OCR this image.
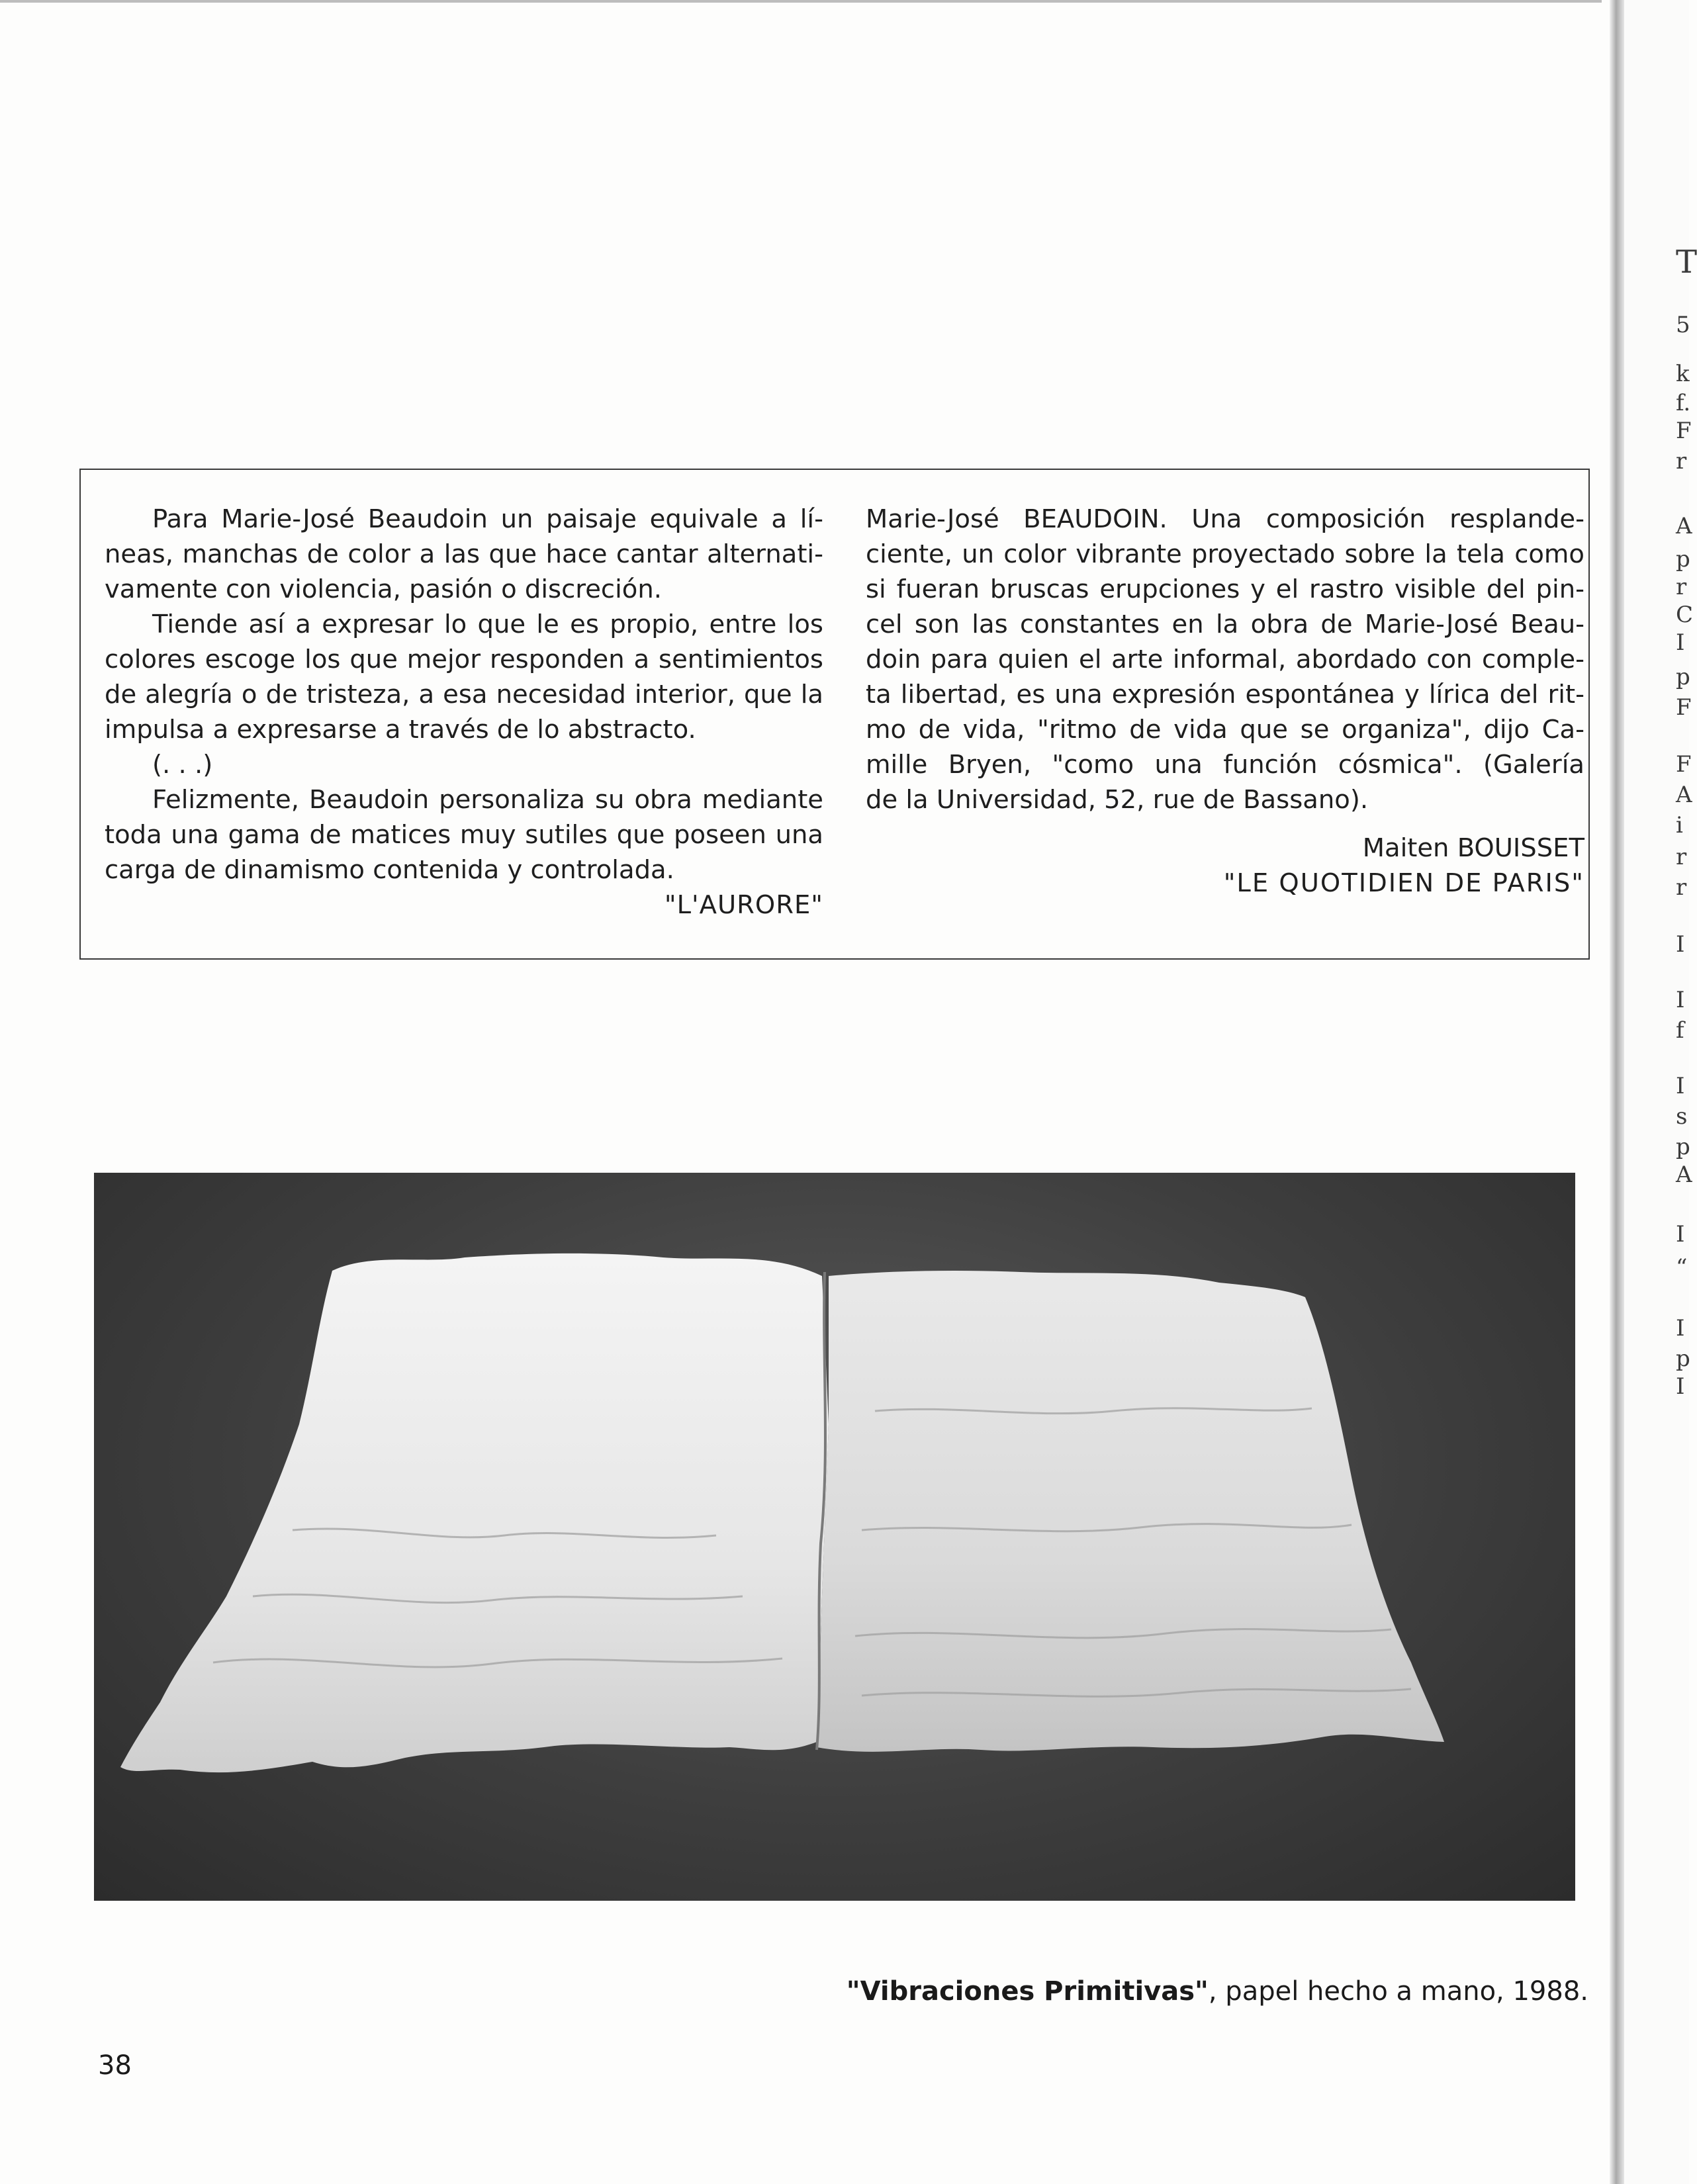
Para Marie-José Beaudoin un paisaje equivale a lí-
neas, manchas de color a las que hace cantar alternati-
vamente con violencia, pasión o discreción.

Tiende así a expresar lo que le es propio, entre los
colores escoge los que mejor responden a sentimientos
de alegría o de tristeza, a esa necesidad interior, que la
impulsa a expresarse a través de lo abstracto.

(. . .)

Felizmente, Beaudoin personaliza su obra mediante
toda una gama de matices muy sutiles que poseen una
carga de dinamismo contenida y controlada.

"L'AURORE"

Marie-José BEAUDOIN. Una composición resplande-
ciente, un color vibrante proyectado sobre la tela como
si fueran bruscas erupciones y el rastro visible del pin-
cel son las constantes en la obra de Marie-José Beau-
doin para quien el arte informal, abordado con comple-
ta libertad, es una expresión espontánea y lírica del rit-
mo de vida, "ritmo de vida que se organiza", dijo Ca-
mille Bryen, "como una función cósmica". (Galería
de la Universidad, 52, rue de Bassano).

Maiten BOUISSET
"LE QUOTIDIEN DE PARIS"
"Vibraciones Primitivas", papel hecho a mano, 1988.
38
T
5
k
f.
F
r
A
p
r
C
I
p
F
F
A
i
r
r
I
I
f
I
s
p
A
I
“
I
p
I
